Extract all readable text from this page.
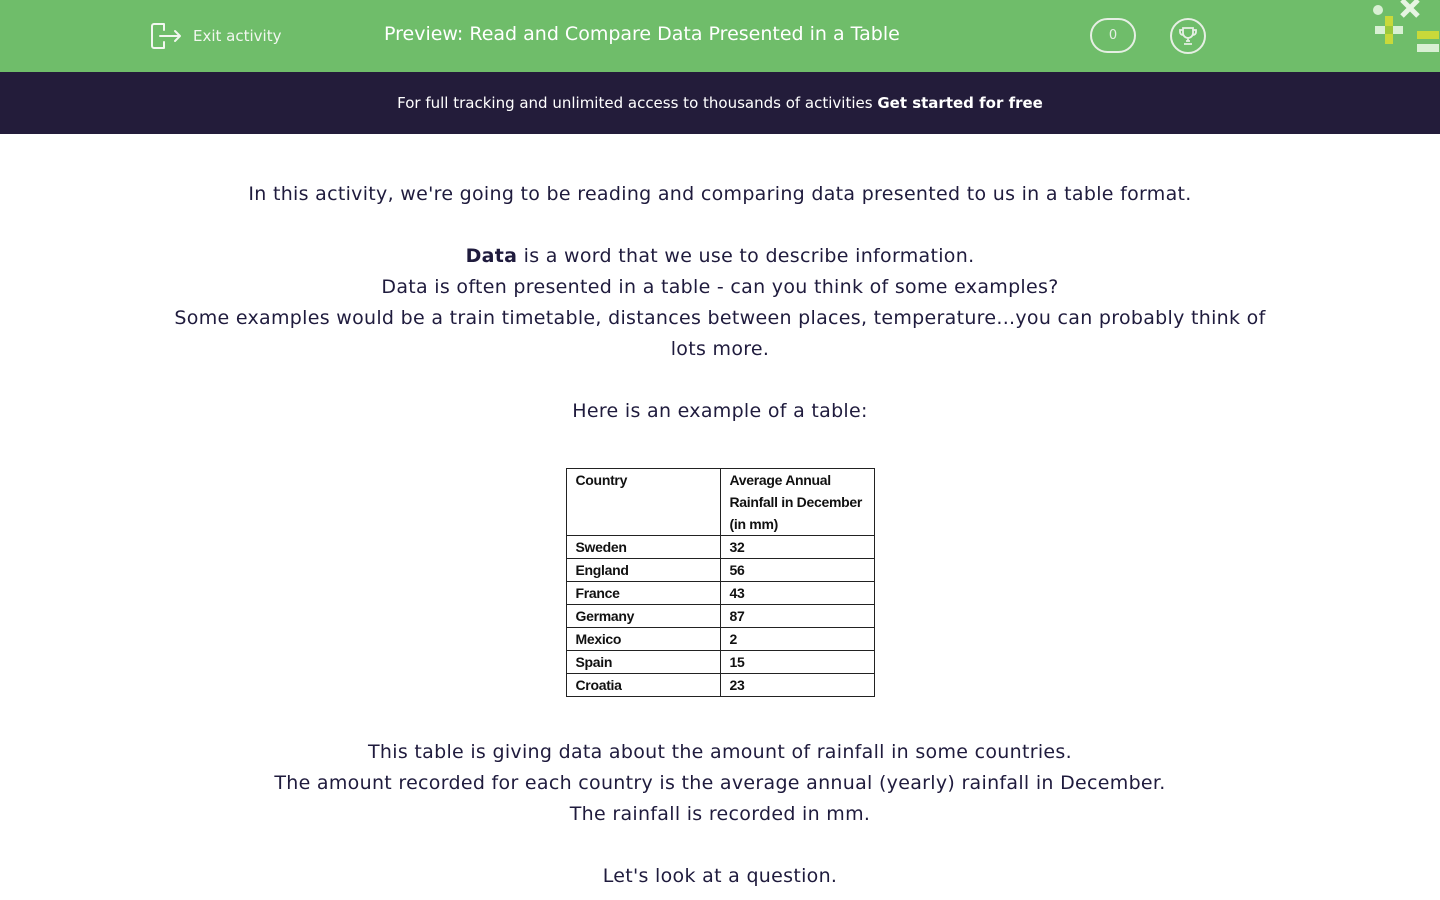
Exit activity	Preview: Read and Compare Data Presented in a Table	0
For full tracking and unlimited access to thousands of activities Get started for free

In this activity, we're going to be reading and comparing data presented to us in a table format.

Data is a word that we use to describe information.

Data is often presented in a table - can you think of some examples?

Some examples would be a train timetable, distances between places, temperature...you can probably think of lots more.

Here is an example of a table:

Country	Average Annual Rainfall in December (in mm)
Sweden	32
England	56
France	43
Germany	87
Mexico	2
Spain	15
Croatia	23

This table is giving data about the amount of rainfall in some countries.

The amount recorded for each country is the average annual (yearly) rainfall in December.

The rainfall is recorded in mm.

Let's look at a question.
